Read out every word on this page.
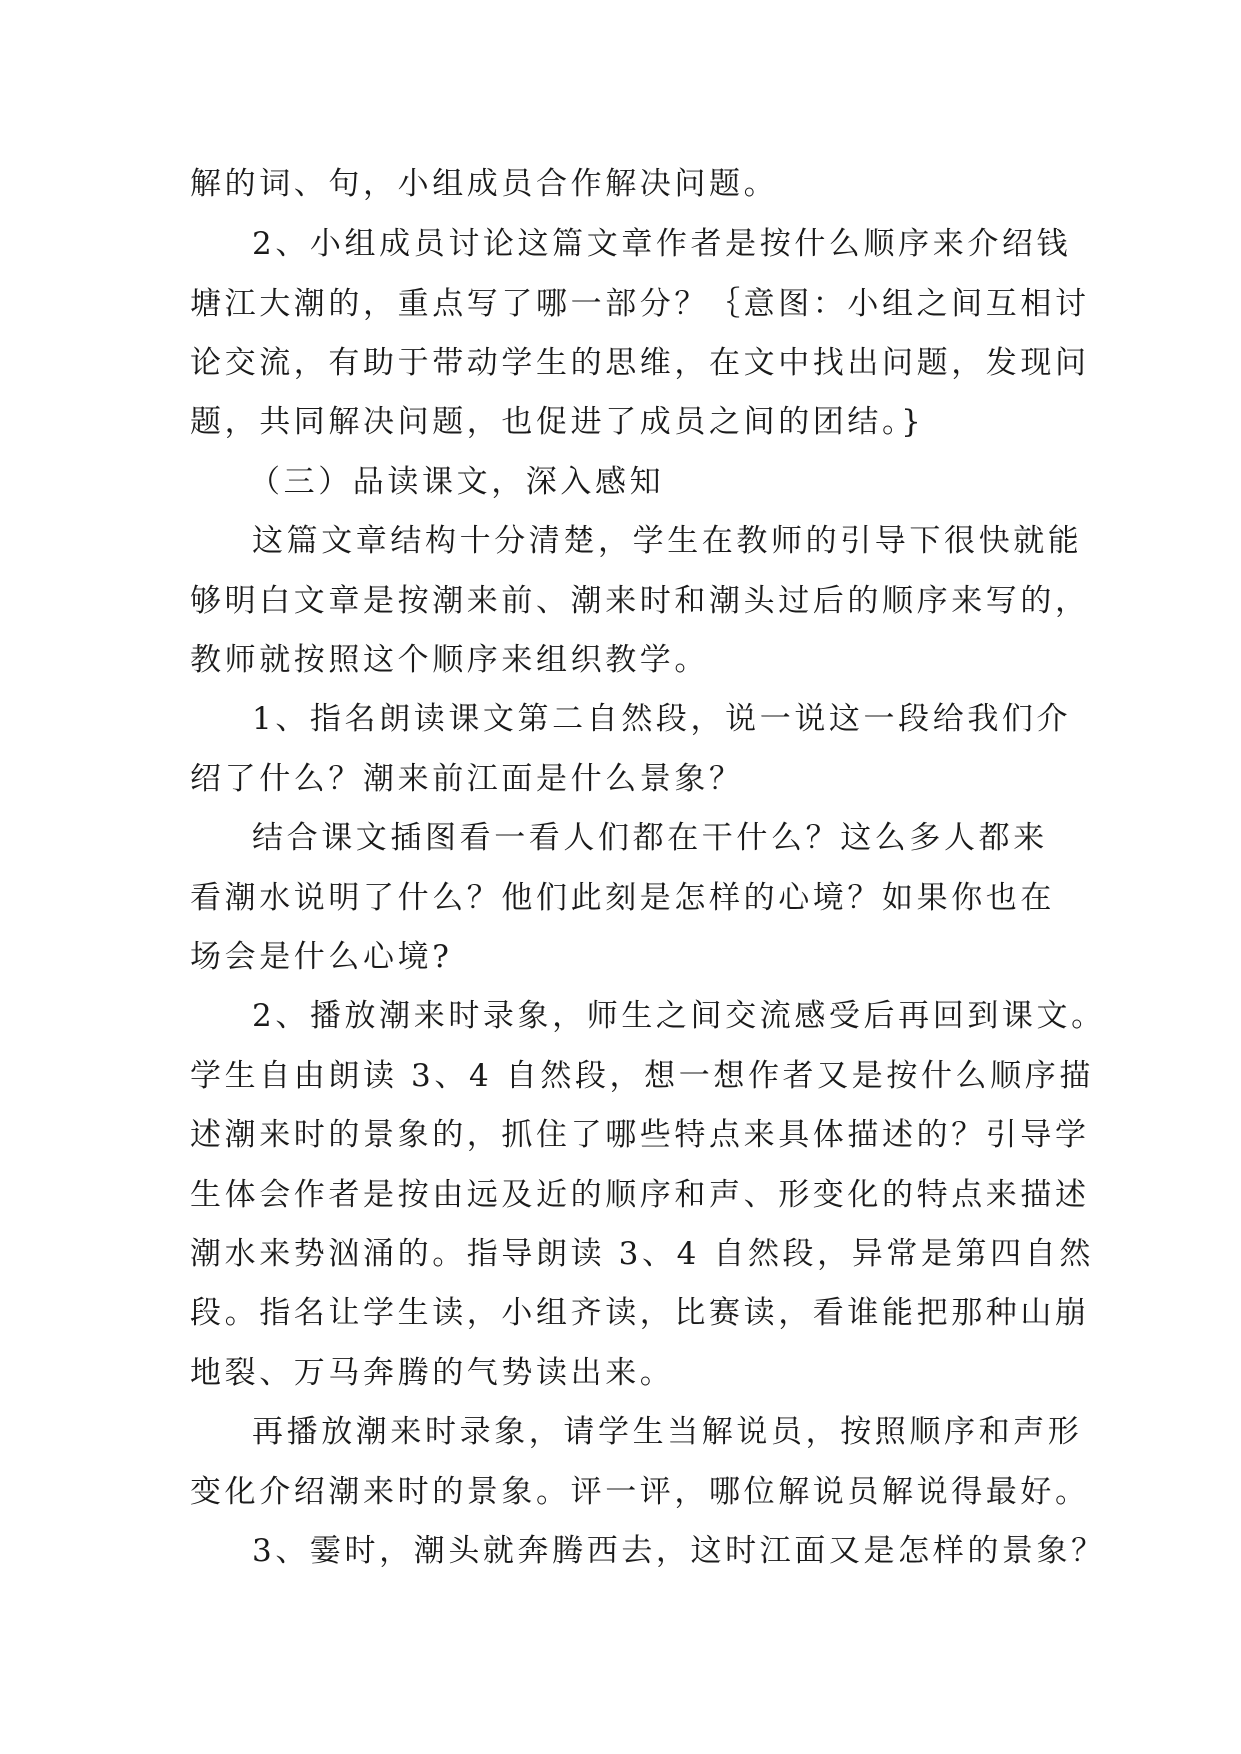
解的词、句，小组成员合作解决问题。
2、小组成员讨论这篇文章作者是按什么顺序来介绍钱
塘江大潮的，重点写了哪一部分？｛意图：小组之间互相讨
论交流，有助于带动学生的思维，在文中找出问题，发现问
题，共同解决问题，也促进了成员之间的团结。}
（三）品读课文，深入感知
这篇文章结构十分清楚，学生在教师的引导下很快就能
够明白文章是按潮来前、潮来时和潮头过后的顺序来写的，
教师就按照这个顺序来组织教学。
1、指名朗读课文第二自然段，说一说这一段给我们介
绍了什么？潮来前江面是什么景象？
结合课文插图看一看人们都在干什么？这么多人都来
看潮水说明了什么？他们此刻是怎样的心境？如果你也在
场会是什么心境?
2、播放潮来时录象，师生之间交流感受后再回到课文。
学生自由朗读 3、4 自然段，想一想作者又是按什么顺序描
述潮来时的景象的，抓住了哪些特点来具体描述的？引导学
生体会作者是按由远及近的顺序和声、形变化的特点来描述
潮水来势汹涌的。指导朗读 3、4 自然段，异常是第四自然
段。指名让学生读，小组齐读，比赛读，看谁能把那种山崩
地裂、万马奔腾的气势读出来。
再播放潮来时录象，请学生当解说员，按照顺序和声形
变化介绍潮来时的景象。评一评，哪位解说员解说得最好。
3、霎时，潮头就奔腾西去，这时江面又是怎样的景象？
